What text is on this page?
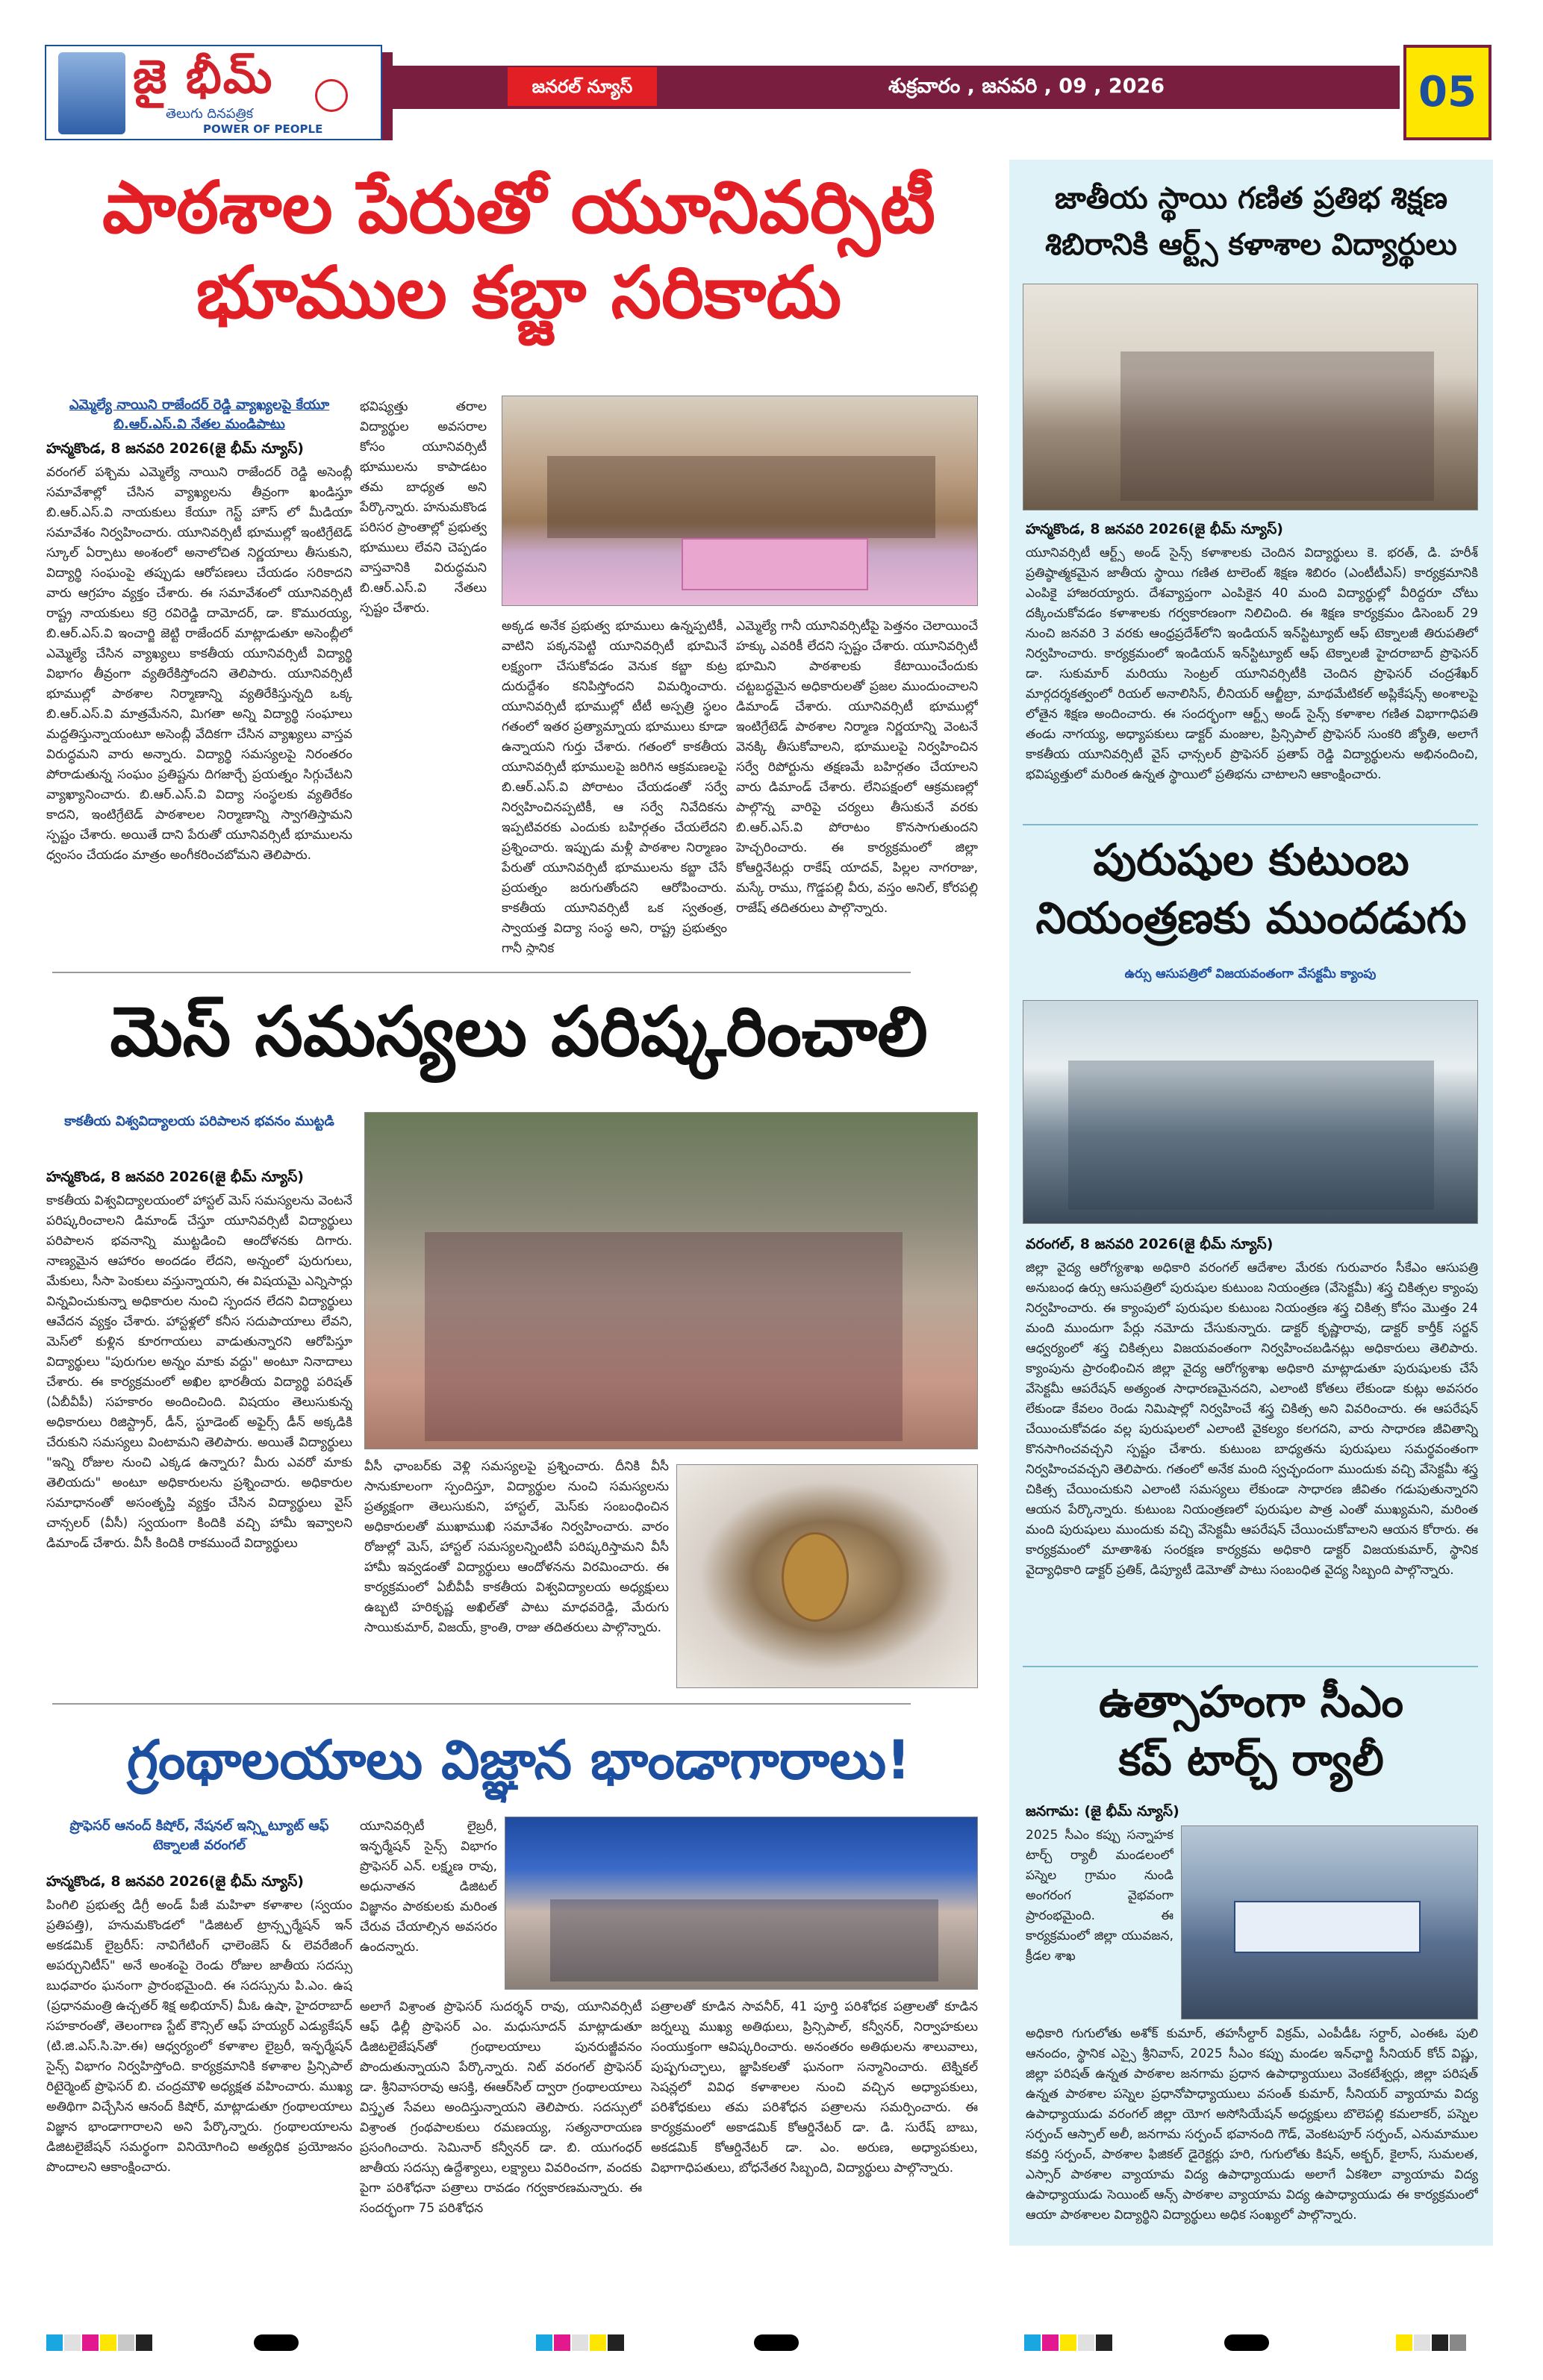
జై భీమ్
తెలుగు దినపత్రిక
POWER OF PEOPLE
జనరల్ న్యూస్	శుక్రవారం , జనవరి , 09 , 2026	05
పాఠశాల పేరుతో యూనివర్సిటీ
భూముల కబ్జా సరికాదు
ఎమ్మెల్యే నాయిని రాజేందర్ రెడ్డి వ్యాఖ్యలపై కేయూ బి.ఆర్.ఎస్.వి నేతల మండిపాటు
హన్మకొండ, 8 జనవరి 2026(జై భీమ్ న్యూస్)
వరంగల్ పశ్చిమ ఎమ్మెల్యే నాయిని రాజేందర్ రెడ్డి అసెంబ్లీ సమావేశాల్లో చేసిన వ్యాఖ్యలను తీవ్రంగా ఖండిస్తూ బి.ఆర్.ఎస్.వి నాయకులు కేయూ గెస్ట్ హౌస్ లో మీడియా సమావేశం నిర్వహించారు. యూనివర్సిటీ భూముల్లో ఇంటిగ్రేటెడ్ స్కూల్ ఏర్పాటు అంశంలో అనాలోచిత నిర్ణయాలు తీసుకుని, విద్యార్థి సంఘంపై తప్పుడు ఆరోపణలు చేయడం సరికాదని వారు ఆగ్రహం వ్యక్తం చేశారు. ఈ సమావేశంలో యూనివర్సిటీ రాష్ట్ర నాయకులు కర్రె రవిరెడ్డి దామోదర్, డా. కొమురయ్య, బి.ఆర్.ఎస్.వి ఇంచార్జి జెట్టి రాజేందర్ మాట్లాడుతూ అసెంబ్లీలో ఎమ్మెల్యే చేసిన వ్యాఖ్యలు కాకతీయ యూనివర్సిటీ విద్యార్థి విభాగం తీవ్రంగా వ్యతిరేకిస్తోందని తెలిపారు. యూనివర్సిటీ భూముల్లో పాఠశాల నిర్మాణాన్ని వ్యతిరేకిస్తున్నది ఒక్క బి.ఆర్.ఎస్.వి మాత్రమేనని, మిగతా అన్ని విద్యార్థి సంఘాలు మద్దతిస్తున్నాయంటూ అసెంబ్లీ వేదికగా చేసిన వ్యాఖ్యలు వాస్తవ విరుద్ధమని వారు అన్నారు. విద్యార్థి సమస్యలపై నిరంతరం పోరాడుతున్న సంఘం ప్రతిష్టను దిగజార్చే ప్రయత్నం సిగ్గుచేటని వ్యాఖ్యానించారు. బి.ఆర్.ఎస్.వి విద్యా సంస్థలకు వ్యతిరేకం కాదని, ఇంటిగ్రేటెడ్ పాఠశాలల నిర్మాణాన్ని స్వాగతిస్తామని స్పష్టం చేశారు. అయితే దాని పేరుతో యూనివర్సిటీ భూములను ధ్వంసం చేయడం మాత్రం అంగీకరించబోమని తెలిపారు.
భవిష్యత్తు తరాల విద్యార్థుల అవసరాల కోసం యూనివర్సిటీ భూములను కాపాడటం తమ బాధ్యత అని పేర్కొన్నారు. హనుమకొండ పరిసర ప్రాంతాల్లో ప్రభుత్వ భూములు లేవని చెప్పడం వాస్తవానికి విరుద్ధమని బి.ఆర్.ఎస్.వి నేతలు స్పష్టం చేశారు.
అక్కడ అనేక ప్రభుత్వ భూములు ఉన్నప్పటికీ, వాటిని పక్కనపెట్టి యూనివర్సిటీ భూమినే లక్ష్యంగా చేసుకోవడం వెనుక కబ్జా కుట్ర దురుద్దేశం కనిపిస్తోందని విమర్శించారు. యూనివర్సిటీ భూముల్లో టీటీ అస్పత్రి స్థలం గతంలో ఇతర ప్రత్యామ్నాయ భూములు కూడా ఉన్నాయని గుర్తు చేశారు. గతంలో కాకతీయ యూనివర్సిటీ భూములపై జరిగిన ఆక్రమణలపై బి.ఆర్.ఎస్.వి పోరాటం చేయడంతో సర్వే నిర్వహించినప్పటికీ, ఆ సర్వే నివేదికను ఇప్పటివరకు ఎందుకు బహిర్గతం చేయలేదని ప్రశ్నించారు. ఇప్పుడు మళ్లీ పాఠశాల నిర్మాణం పేరుతో యూనివర్సిటీ భూములను కబ్జా చేసే ప్రయత్నం జరుగుతోందని ఆరోపించారు. కాకతీయ యూనివర్సిటీ ఒక స్వతంత్ర, స్వాయత్త విద్యా సంస్థ అని, రాష్ట్ర ప్రభుత్వం గానీ స్థానిక
ఎమ్మెల్యే గానీ యూనివర్సిటీపై పెత్తనం చెలాయించే హక్కు ఎవరికీ లేదని స్పష్టం చేశారు. యూనివర్సిటీ భూమిని పాఠశాలకు కేటాయించేందుకు చట్టబద్ధమైన అధికారులతో ప్రజల ముందుంచాలని డిమాండ్ చేశారు. యూనివర్సిటీ భూముల్లో ఇంటిగ్రేటెడ్ పాఠశాల నిర్మాణ నిర్ణయాన్ని వెంటనే వెనక్కి తీసుకోవాలని, భూములపై నిర్వహించిన సర్వే రిపోర్టును తక్షణమే బహిర్గతం చేయాలని వారు డిమాండ్ చేశారు. లేనిపక్షంలో ఆక్రమణల్లో పాల్గొన్న వారిపై చర్యలు తీసుకునే వరకు బి.ఆర్.ఎస్.వి పోరాటం కొనసాగుతుందని హెచ్చరించారు. ఈ కార్యక్రమంలో జిల్లా కోఆర్డినేటర్లు రాకేష్ యాదవ్, పిల్లల నాగరాజు, మస్కే రాము, గొడ్డపల్లి వీరు, వస్తం అనిల్, కోరపల్లి రాజేష్ తదితరులు పాల్గొన్నారు.
మెస్ సమస్యలు పరిష్కరించాలి
కాకతీయ విశ్వవిద్యాలయ పరిపాలన భవనం ముట్టడి
హన్మకొండ, 8 జనవరి 2026(జై భీమ్ న్యూస్)
కాకతీయ విశ్వవిద్యాలయంలో హాస్టల్ మెస్ సమస్యలను వెంటనే పరిష్కరించాలని డిమాండ్ చేస్తూ యూనివర్సిటీ విద్యార్థులు పరిపాలన భవనాన్ని ముట్టడించి ఆందోళనకు దిగారు. నాణ్యమైన ఆహారం అందడం లేదని, అన్నంలో పురుగులు, మేకులు, సీసా పెంకులు వస్తున్నాయని, ఈ విషయమై ఎన్నిసార్లు విన్నవించుకున్నా అధికారుల నుంచి స్పందన లేదని విద్యార్థులు ఆవేదన వ్యక్తం చేశారు. హాస్టళ్లలో కనీస సదుపాయాలు లేవని, మెస్‌లో కుళ్లిన కూరగాయలు వాడుతున్నారని ఆరోపిస్తూ విద్యార్థులు "పురుగుల అన్నం మాకు వద్దు" అంటూ నినాదాలు చేశారు. ఈ కార్యక్రమంలో అఖిల భారతీయ విద్యార్థి పరిషత్ (ఏబీవీపీ) సహకారం అందించింది. విషయం తెలుసుకున్న అధికారులు రిజిస్ట్రార్, డీన్, స్టూడెంట్ అఫైర్స్ డీన్ అక్కడికి చేరుకుని సమస్యలు వింటామని తెలిపారు. అయితే విద్యార్థులు "ఇన్ని రోజుల నుంచి ఎక్కడ ఉన్నారు? మీరు ఎవరో మాకు తెలియదు" అంటూ అధికారులను ప్రశ్నించారు. అధికారుల సమాధానంతో అసంతృప్తి వ్యక్తం చేసిన విద్యార్థులు వైస్ చాన్సలర్ (వీసీ) స్వయంగా కిందికి వచ్చి హామీ ఇవ్వాలని డిమాండ్ చేశారు. వీసీ కిందికి రాకముందే విద్యార్థులు
వీసీ ఛాంబర్‌కు వెళ్లి సమస్యలపై ప్రశ్నించారు. దీనికి వీసీ సానుకూలంగా స్పందిస్తూ, విద్యార్థుల నుంచి సమస్యలను ప్రత్యక్షంగా తెలుసుకుని, హాస్టల్, మెస్‌కు సంబంధించిన అధికారులతో ముఖాముఖి సమావేశం నిర్వహించారు. వారం రోజుల్లో మెస్, హాస్టల్ సమస్యలన్నింటినీ పరిష్కరిస్తామని వీసీ హామీ ఇవ్వడంతో విద్యార్థులు ఆందోళనను విరమించారు. ఈ కార్యక్రమంలో ఏబీవీపీ కాకతీయ విశ్వవిద్యాలయ అధ్యక్షులు ఉబ్బటి హరికృష్ణ అఖిల్‌తో పాటు మాధవరెడ్డి, మేరుగు సాయికుమార్, విజయ్, క్రాంతి, రాజు తదితరులు పాల్గొన్నారు.
గ్రంథాలయాలు విజ్ఞాన భాండాగారాలు!
ప్రొఫెసర్ ఆనంద్ కిషోర్, నేషనల్ ఇన్స్టిట్యూట్ ఆఫ్ టెక్నాలజీ వరంగల్
హన్మకొండ, 8 జనవరి 2026(జై భీమ్ న్యూస్)
పింగిలి ప్రభుత్వ డిగ్రీ అండ్ పీజీ మహిళా కళాశాల (స్వయం ప్రతిపత్తి), హనుమకొండలో "డిజిటల్ ట్రాన్స్ఫర్మేషన్ ఇన్ అకడమిక్ లైబ్రరీస్: నావిగేటింగ్ ఛాలెంజెస్ & లెవరేజింగ్ అపర్చునిటీస్" అనే అంశంపై రెండు రోజుల జాతీయ సదస్సు బుధవారం ఘనంగా ప్రారంభమైంది. ఈ సదస్సును పి.ఎం. ఉష (ప్రధానమంత్రి ఉచ్చతర్ శిక్ష అభియాన్) మీఓ ఉషా, హైదరాబాద్ సహకారంతో, తెలంగాణ స్టేట్ కౌన్సిల్ ఆఫ్ హయ్యర్ ఎడ్యుకేషన్ (టి.జి.ఎస్.సి.హె.ఈ) ఆధ్వర్యంలో కళాశాల లైబ్రరీ, ఇన్ఫర్మేషన్ సైన్స్ విభాగం నిర్వహిస్తోంది. కార్యక్రమానికి కళాశాల ప్రిన్సిపాల్ రిటైర్మెంట్ ప్రొఫెసర్ బి. చంద్రమౌళి అధ్యక్షత వహించారు. ముఖ్య అతిథిగా విచ్చేసిన ఆనంద్ కిషోర్, మాట్లాడుతూ గ్రంథాలయాలు విజ్ఞాన భాండాగారాలని అని పేర్కొన్నారు. గ్రంథాలయాలను డిజిటలైజేషన్ సమర్థంగా వినియోగించి అత్యధిక ప్రయోజనం పొందాలని ఆకాంక్షించారు.
యూనివర్సిటీ లైబ్రరీ, ఇన్ఫర్మేషన్ సైన్స్ విభాగం ప్రొఫెసర్ ఎన్. లక్ష్మణ రావు, అధునాతన డిజిటల్ విజ్ఞానం పాఠకులకు మరింత చేరువ చేయాల్సిన అవసరం ఉందన్నారు.
అలాగే విశ్రాంత ప్రొఫెసర్ సుదర్శన్ రావు, యూనివర్సిటీ ఆఫ్ ఢిల్లీ ప్రొఫెసర్ ఎం. మధుసూదన్ మాట్లాడుతూ డిజిటలైజేషన్‌తో గ్రంథాలయాలు పునరుజ్జీవనం పొందుతున్నాయని పేర్కొన్నారు. నిట్ వరంగల్ ప్రొఫెసర్ డా. శ్రీనివాసరావు ఆసక్తి, ఈఆర్‌సిల్ ద్వారా గ్రంథాలయాలు విస్తృత సేవలు అందిస్తున్నాయని తెలిపారు. సదస్సులో విశ్రాంత గ్రంథపాలకులు రమణయ్య, సత్యనారాయణ ప్రసంగించారు. సెమినార్ కన్వీనర్ డా. బి. యుగంధర్ జాతీయ సదస్సు ఉద్దేశ్యాలు, లక్ష్యాలు వివరించగా, వందకు పైగా పరిశోధనా పత్రాలు రావడం గర్వకారణమన్నారు. ఈ సందర్భంగా 75 పరిశోధన
పత్రాలతో కూడిన సావనీర్, 41 పూర్తి పరిశోధక పత్రాలతో కూడిన జర్నల్ను ముఖ్య అతిథులు, ప్రిన్సిపాల్, కన్వీనర్, నిర్వాహకులు సంయుక్తంగా ఆవిష్కరించారు. అనంతరం అతిథులను శాలువాలు, పుష్పగుచ్ఛాలు, జ్ఞాపికలతో ఘనంగా సన్మానించారు. టెక్నికల్ సెషన్లలో వివిధ కళాశాలల నుంచి వచ్చిన అధ్యాపకులు, పరిశోధకులు తమ పరిశోధన పత్రాలను సమర్పించారు. ఈ కార్యక్రమంలో అకాడమిక్ కోఆర్డినేటర్ డా. డి. సురేష్ బాబు, అకడమిక్ కోఆర్డినేటర్ డా. ఎం. అరుణ, అధ్యాపకులు, విభాగాధిపతులు, బోధనేతర సిబ్బంది, విద్యార్థులు పాల్గొన్నారు.
జాతీయ స్థాయి గణిత ప్రతిభ శిక్షణ
శిబిరానికి ఆర్ట్స్ కళాశాల విద్యార్థులు
హన్మకొండ, 8 జనవరి 2026(జై భీమ్ న్యూస్)
యూనివర్సిటీ ఆర్ట్స్ అండ్ సైన్స్ కళాశాలకు చెందిన విద్యార్థులు కె. భరత్, డి. హరీశ్ ప్రతిష్ఠాత్మకమైన జాతీయ స్థాయి గణిత టాలెంట్ శిక్షణ శిబిరం (ఎంటీటీఎస్) కార్యక్రమానికి ఎంపికై హాజరయ్యారు. దేశవ్యాప్తంగా ఎంపికైన 40 మంది విద్యార్థుల్లో వీరిద్దరూ చోటు దక్కించుకోవడం కళాశాలకు గర్వకారణంగా నిలిచింది. ఈ శిక్షణ కార్యక్రమం డిసెంబర్ 29 నుంచి జనవరి 3 వరకు ఆంధ్రప్రదేశ్‌లోని ఇండియన్ ఇన్‌స్టిట్యూట్ ఆఫ్ టెక్నాలజీ తిరుపతిలో నిర్వహించారు. కార్యక్రమంలో ఇండియన్ ఇన్‌స్టిట్యూట్ ఆఫ్ టెక్నాలజీ హైదరాబాద్ ప్రొఫెసర్ డా. సుకుమార్ మరియు సెంట్రల్ యూనివర్సిటీకి చెందిన ప్రొఫెసర్ చంద్రశేఖర్ మార్గదర్శకత్వంలో రియల్ అనాలిసిస్, లీనియర్ ఆల్జీబ్రా, మాథమేటికల్ అప్లికేషన్స్ అంశాలపై లోతైన శిక్షణ అందించారు. ఈ సందర్భంగా ఆర్ట్స్ అండ్ సైన్స్ కళాశాల గణిత విభాగాధిపతి తండు నాగయ్య, అధ్యాపకులు డాక్టర్ మంజుల, ప్రిన్సిపాల్ ప్రొఫెసర్ సుంకరి జ్యోతి, అలాగే కాకతీయ యూనివర్సిటీ వైస్ ఛాన్సలర్ ప్రొఫెసర్ ప్రతాప్ రెడ్డి విద్యార్థులను అభినందించి, భవిష్యత్తులో మరింత ఉన్నత స్థాయిలో ప్రతిభను చాటాలని ఆకాంక్షించారు.
పురుషుల కుటుంబ
నియంత్రణకు ముందడుగు
ఉర్సు ఆసుపత్రిలో విజయవంతంగా వేసక్టమీ క్యాంపు
వరంగల్, 8 జనవరి 2026(జై భీమ్ న్యూస్)
జిల్లా వైద్య ఆరోగ్యశాఖ అధికారి వరంగల్ ఆదేశాల మేరకు గురువారం సీకేఎం ఆసుపత్రి అనుబంధ ఉర్సు ఆసుపత్రిలో పురుషుల కుటుంబ నియంత్రణ (వేసెక్టమీ) శస్త్ర చికిత్సల క్యాంపు నిర్వహించారు. ఈ క్యాంపులో పురుషుల కుటుంబ నియంత్రణ శస్త్ర చికిత్స కోసం మొత్తం 24 మంది ముందుగా పేర్లు నమోదు చేసుకున్నారు. డాక్టర్ కృష్ణారావు, డాక్టర్ కార్తీక్ సర్జన్ ఆధ్వర్యంలో శస్త్ర చికిత్సలు విజయవంతంగా నిర్వహించబడినట్లు అధికారులు తెలిపారు. క్యాంపును ప్రారంభించిన జిల్లా వైద్య ఆరోగ్యశాఖ అధికారి మాట్లాడుతూ పురుషులకు చేసే వేసెక్టమీ ఆపరేషన్ అత్యంత సాధారణమైనదని, ఎలాంటి కోతలు లేకుండా కుట్లు అవసరం లేకుండా కేవలం రెండు నిమిషాల్లో నిర్వహించే శస్త్ర చికిత్స అని వివరించారు. ఈ ఆపరేషన్ చేయించుకోవడం వల్ల పురుషులలో ఎలాంటి వైకల్యం కలగదని, వారు సాధారణ జీవితాన్ని కొనసాగించవచ్చని స్పష్టం చేశారు. కుటుంబ బాధ్యతను పురుషులు సమర్థవంతంగా నిర్వహించవచ్చని తెలిపారు. గతంలో అనేక మంది స్వచ్ఛందంగా ముందుకు వచ్చి వేసెక్టమీ శస్త్ర చికిత్స చేయించుకుని ఎలాంటి సమస్యలు లేకుండా సాధారణ జీవితం గడుపుతున్నారని ఆయన పేర్కొన్నారు. కుటుంబ నియంత్రణలో పురుషుల పాత్ర ఎంతో ముఖ్యమని, మరింత మంది పురుషులు ముందుకు వచ్చి వేసెక్టమీ ఆపరేషన్ చేయించుకోవాలని ఆయన కోరారు. ఈ కార్యక్రమంలో మాతాశిశు సంరక్షణ కార్యక్రమ అధికారి డాక్టర్ విజయకుమార్, స్థానిక వైద్యాధికారి డాక్టర్ ప్రతిక్, డిప్యూటీ డెమోతో పాటు సంబంధిత వైద్య సిబ్బంది పాల్గొన్నారు.
ఉత్సాహంగా సీఎం
కప్ టార్చ్ ర్యాలీ
జనగామ: (జై భీమ్ న్యూస్)
2025 సీఎం కప్పు సన్నాహక టార్చ్ ర్యాలీ మండలంలో పస్నెల గ్రామం నుండి అంగరంగ వైభవంగా ప్రారంభమైంది. ఈ కార్యక్రమంలో జిల్లా యువజన, క్రీడల శాఖ
అధికారి గుగులోతు అశోక్ కుమార్, తహసీల్దార్ విక్రమ్, ఎంపీడీఓ సర్దార్, ఎంఈఓ పులి ఆనందం, స్థానిక ఎస్సై శ్రీనివాస్, 2025 సీఎం కప్పు మండల ఇన్‌ఛార్జి సీనియర్ కోచ్ విష్ణు, జిల్లా పరిషత్ ఉన్నత పాఠశాల జనగామ ప్రధాన ఉపాధ్యాయులు వెంకటేశ్వర్లు, జిల్లా పరిషత్ ఉన్నత పాఠశాల పస్నెల ప్రధానోపాధ్యాయులు వసంత్ కుమార్, సీనియర్ వ్యాయామ విద్య ఉపాధ్యాయుడు వరంగల్ జిల్లా యోగ అసోసియేషన్ అధ్యక్షులు బొలెపల్లి కమలాకర్, పస్నెల సర్పంచ్ ఆస్పాల్ అలీ, జనగామ సర్పంచ్ భవానంది గౌడ్, వెంకటపూర్ సర్పంచ్, ఎనుమాముల కవర్తి సర్పంచ్, పాఠశాల ఫిజికల్ డైరెక్టర్లు హరి, గుగులోతు కిషన్, అక్బర్, కైలాస్, సుమలత, ఎస్సార్ పాఠశాల వ్యాయామ విద్య ఉపాధ్యాయుడు అలాగే ఏకశిలా వ్యాయామ విద్య ఉపాధ్యాయుడు సెయింట్ ఆన్స్ పాఠశాల వ్యాయామ విద్య ఉపాధ్యాయుడు ఈ కార్యక్రమంలో ఆయా పాఠశాలల విద్యార్థిని విద్యార్థులు అధిక సంఖ్యలో పాల్గొన్నారు.
